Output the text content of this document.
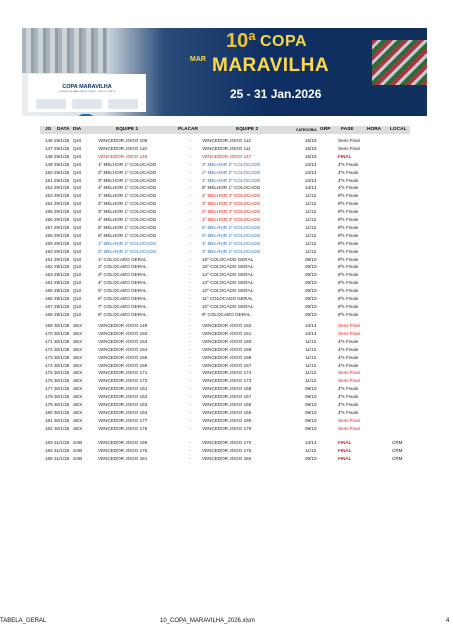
COPA MARAVILHA
FUTEBOL DE BASE SUB 09 · SUB 11 · SUB 13 · SUB 15
10ª COPA
MAR MARAVILHA
25 - 31 Jan.2026
JG DATA DIA	EQUIPE 1	PLACAR	EQUIPE 2	CATEGORIA GRP FASE	HORA LOCAL
146 29/1/26 QUI	VENCEDOR JOGO 109	- VENCEDOR JOGO 112	15/16	Semi Final
147 29/1/26 QUI	VENCEDOR JOGO 110	- VENCEDOR JOGO 111	15/16	Semi Final
148 29/1/26 QUI	VENCEDOR JOGO 146	- VENCEDOR JOGO 147	15/16	FINAL
149 29/1/26 QUI	1º MELHOR 1º COLOCADO	- 3º MELHOR 2º COLOCADO	13/14	4ªs Finais
150 29/1/26 QUI	2º MELHOR 1º COLOCADO	- 2º MELHOR 2º COLOCADO	13/14	4ªs Finais
151 29/1/26 QUI	3º MELHOR 1º COLOCADO	- 1º MELHOR 2º COLOCADO	13/14	4ªs Finais
152 29/1/26 QUI	4º MELHOR 1º COLOCADO	- 5º MELHOR 1º COLOCADO	13/14	4ªs Finais
153 29/1/26 QUI	1º MELHOR 1º COLOCADO	- 4º MELHOR 3º COLOCADO	11/12	8ªs Finais
154 29/1/26 QUI	2º MELHOR 1º COLOCADO	- 3º MELHOR 3º COLOCADO	11/12	8ªs Finais
155 29/1/26 QUI	3º MELHOR 1º COLOCADO	- 2º MELHOR 3º COLOCADO	11/12	8ªs Finais
156 29/1/26 QUI	4º MELHOR 1º COLOCADO	- 1º MELHOR 3º COLOCADO	11/12	8ªs Finais
157 29/1/26 QUI	5º MELHOR 1º COLOCADO	- 6º MELHOR 2º COLOCADO	11/12	8ªs Finais
158 29/1/26 QUI	6º MELHOR 1º COLOCADO	- 5º MELHOR 2º COLOCADO	11/12	8ªs Finais
159 29/1/26 QUI	1º MELHOR 2º COLOCADO	- 4º MELHOR 2º COLOCADO	11/12	8ªs Finais
160 29/1/26 QUI	2º MELHOR 2º COLOCADO	- 3º MELHOR 2º COLOCADO	11/12	8ªs Finais
161 29/1/26 QUI	1º COLOCADO GERAL	- 16º COLOCADO GERAL	09/10	8ªs Finais
162 29/1/26 QUI	2º COLOCADO GERAL	- 15º COLOCADO GERAL	09/10	8ªs Finais
163 29/1/26 QUI	3º COLOCADO GERAL	- 14º COLOCADO GERAL	09/10	8ªs Finais
164 29/1/26 QUI	4º COLOCADO GERAL	- 13º COLOCADO GERAL	09/10	8ªs Finais
165 29/1/26 QUI	5º COLOCADO GERAL	- 12º COLOCADO GERAL	09/10	8ªs Finais
166 29/1/26 QUI	6º COLOCADO GERAL	- 11º COLOCADO GERAL	09/10	8ªs Finais
167 29/1/26 QUI	7º COLOCADO GERAL	- 10º COLOCADO GERAL	09/10	8ªs Finais
168 29/1/26 QUI	8º COLOCADO GERAL	- 9º COLOCADO GERAL	09/10	8ªs Finais
169 30/1/26 SEX	VENCEDOR JOGO 149	- VENCEDOR JOGO 152	13/14	Semi Final
170 30/1/26 SEX	VENCEDOR JOGO 150	- VENCEDOR JOGO 151	13/14	Semi Final
171 30/1/26 SEX	VENCEDOR JOGO 153	- VENCEDOR JOGO 160	11/12	4ªs Finais
172 30/1/26 SEX	VENCEDOR JOGO 154	- VENCEDOR JOGO 159	11/12	4ªs Finais
173 30/1/26 SEX	VENCEDOR JOGO 155	- VENCEDOR JOGO 158	11/12	4ªs Finais
174 30/1/26 SEX	VENCEDOR JOGO 156	- VENCEDOR JOGO 157	11/12	4ªs Finais
175 30/1/26 SEX	VENCEDOR JOGO 171	- VENCEDOR JOGO 174	11/12	Semi Final
176 30/1/26 SEX	VENCEDOR JOGO 172	- VENCEDOR JOGO 173	11/12	Semi Final
177 30/1/26 SEX	VENCEDOR JOGO 161	- VENCEDOR JOGO 168	09/10	4ªs Finais
178 30/1/26 SEX	VENCEDOR JOGO 162	- VENCEDOR JOGO 167	09/10	4ªs Finais
179 30/1/26 SEX	VENCEDOR JOGO 163	- VENCEDOR JOGO 166	09/10	4ªs Finais
180 30/1/26 SEX	VENCEDOR JOGO 164	- VENCEDOR JOGO 165	09/10	4ªs Finais
181 30/1/26 SEX	VENCEDOR JOGO 177	- VENCEDOR JOGO 180	09/10	Semi Final
182 30/1/26 SEX	VENCEDOR JOGO 178	- VENCEDOR JOGO 179	09/10	Semi Final
183 31/1/26 SAB	VENCEDOR JOGO 169	- VENCEDOR JOGO 170	13/14	FINAL	CRM
184 31/1/26 SAB	VENCEDOR JOGO 175	- VENCEDOR JOGO 176	11/12	FINAL	CRM
185 31/1/26 SAB	VENCEDOR JOGO 181	- VENCEDOR JOGO 182	09/10	FINAL	CRM
TABELA_GERAL	10_COPA_MARAVILHA_2026.xlsm	4
